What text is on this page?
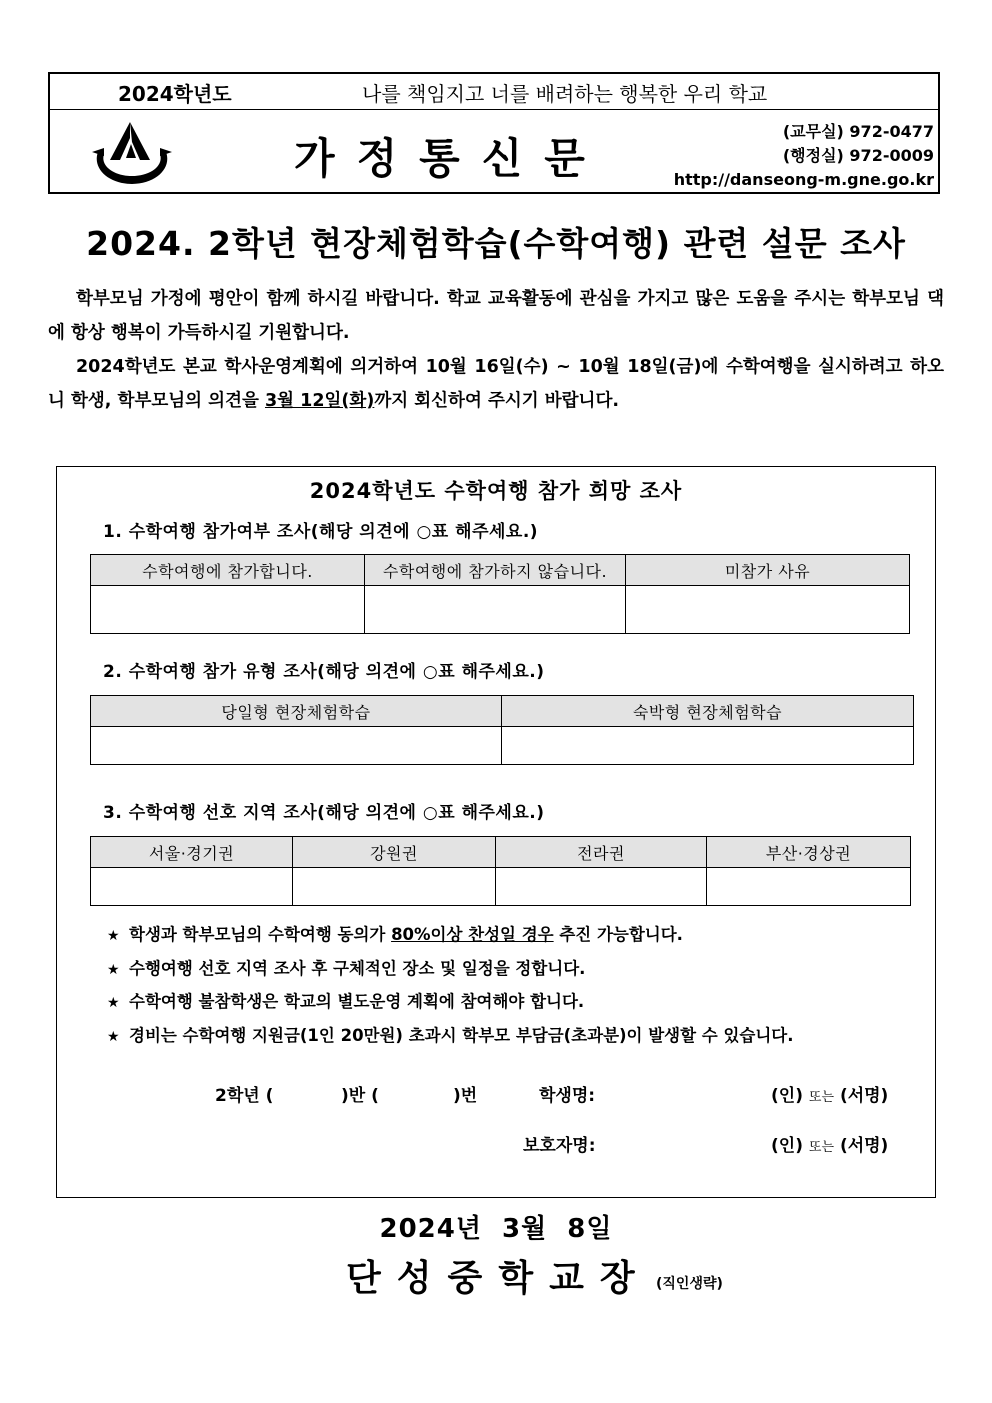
2024학년도	나를 책임지고 너를 배려하는 행복한 우리 학교
가정통신문
(교무실) 972-0477
(행정실) 972-0009
http://danseong-m.gne.go.kr
2024. 2학년 현장체험학습(수학여행) 관련 설문 조사

학부모님 가정에 평안이 함께 하시길 바랍니다. 학교 교육활동에 관심을 가지고 많은 도움을 주시는 학부모님 댁에 항상 행복이 가득하시길 기원합니다.

2024학년도 본교 학사운영계획에 의거하여 10월 16일(수) ~ 10월 18일(금)에 수학여행을 실시하려고 하오니 학생, 학부모님의 의견을 3월 12일(화)까지 회신하여 주시기 바랍니다.

2024학년도 수학여행 참가 희망 조사
1. 수학여행 참가여부 조사(해당 의견에 ○표 해주세요.)
수학여행에 참가합니다.	수학여행에 참가하지 않습니다.	미참가 사유

2. 수학여행 참가 유형 조사(해당 의견에 ○표 해주세요.)
당일형 현장체험학습	숙박형 현장체험학습

3. 수학여행 선호 지역 조사(해당 의견에 ○표 해주세요.)
서울·경기권	강원권	전라권	부산·경상권

★ 학생과 학부모님의 수학여행 동의가 80%이상 찬성일 경우 추진 가능합니다.
★ 수행여행 선호 지역 조사 후 구체적인 장소 및 일정을 정합니다.
★ 수학여행 불참학생은 학교의 별도운영 계획에 참여해야 합니다.
★ 경비는 수학여행 지원금(1인 20만원) 초과시 학부모 부담금(초과분)이 발생할 수 있습니다.
2학년 (	)반 (	)번	학생명:	(인) 또는 (서명)
보호자명:	(인) 또는 (서명)
2024년 3월 8일
단성중학교장 (직인생략)
